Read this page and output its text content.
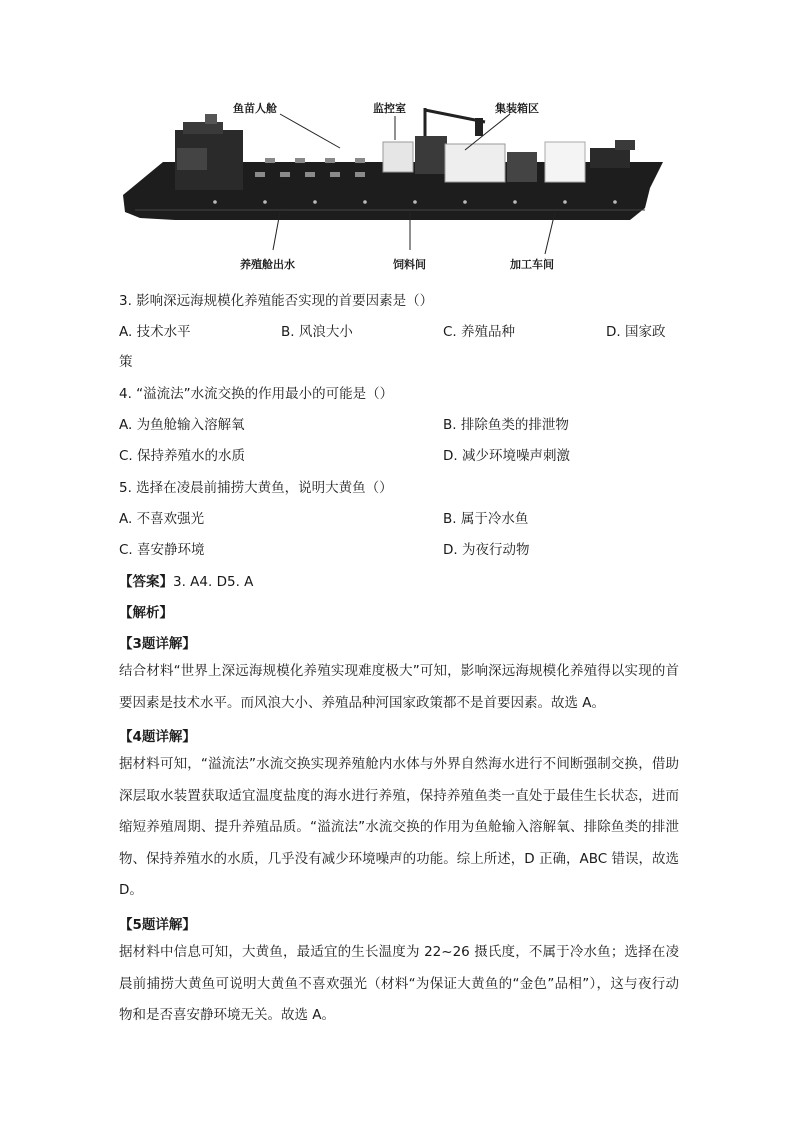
鱼苗人舱	监控室	集装箱区
养殖舱出水	饲料间	加工车间
3. 影响深远海规模化养殖能否实现的首要因素是（）
A. 技术水平	B. 风浪大小	C. 养殖品种	D. 国家政
策
4. “溢流法”水流交换的作用最小的可能是（）
A. 为鱼舱输入溶解氧	B. 排除鱼类的排泄物
C. 保持养殖水的水质	D. 减少环境噪声刺激
5. 选择在凌晨前捕捞大黄鱼，说明大黄鱼（）
A. 不喜欢强光	B. 属于冷水鱼
C. 喜安静环境	D. 为夜行动物
【答案】3. A4. D5. A
【解析】
【3题详解】
结合材料“世界上深远海规模化养殖实现难度极大”可知，影响深远海规模化养殖得以实现的首要因素是技术水平。而风浪大小、养殖品种河国家政策都不是首要因素。故选 A。
【4题详解】
据材料可知，“溢流法”水流交换实现养殖舱内水体与外界自然海水进行不间断强制交换，借助深层取水装置获取适宜温度盐度的海水进行养殖，保持养殖鱼类一直处于最佳生长状态，进而缩短养殖周期、提升养殖品质。“溢流法”水流交换的作用为鱼舱输入溶解氧、排除鱼类的排泄物、保持养殖水的水质，几乎没有减少环境噪声的功能。综上所述，D 正确，ABC 错误，故选 D。
【5题详解】
据材料中信息可知，大黄鱼，最适宜的生长温度为 22~26 摄氏度，不属于冷水鱼；选择在凌晨前捕捞大黄鱼可说明大黄鱼不喜欢强光（材料“为保证大黄鱼的“金色”品相”），这与夜行动物和是否喜安静环境无关。故选 A。
